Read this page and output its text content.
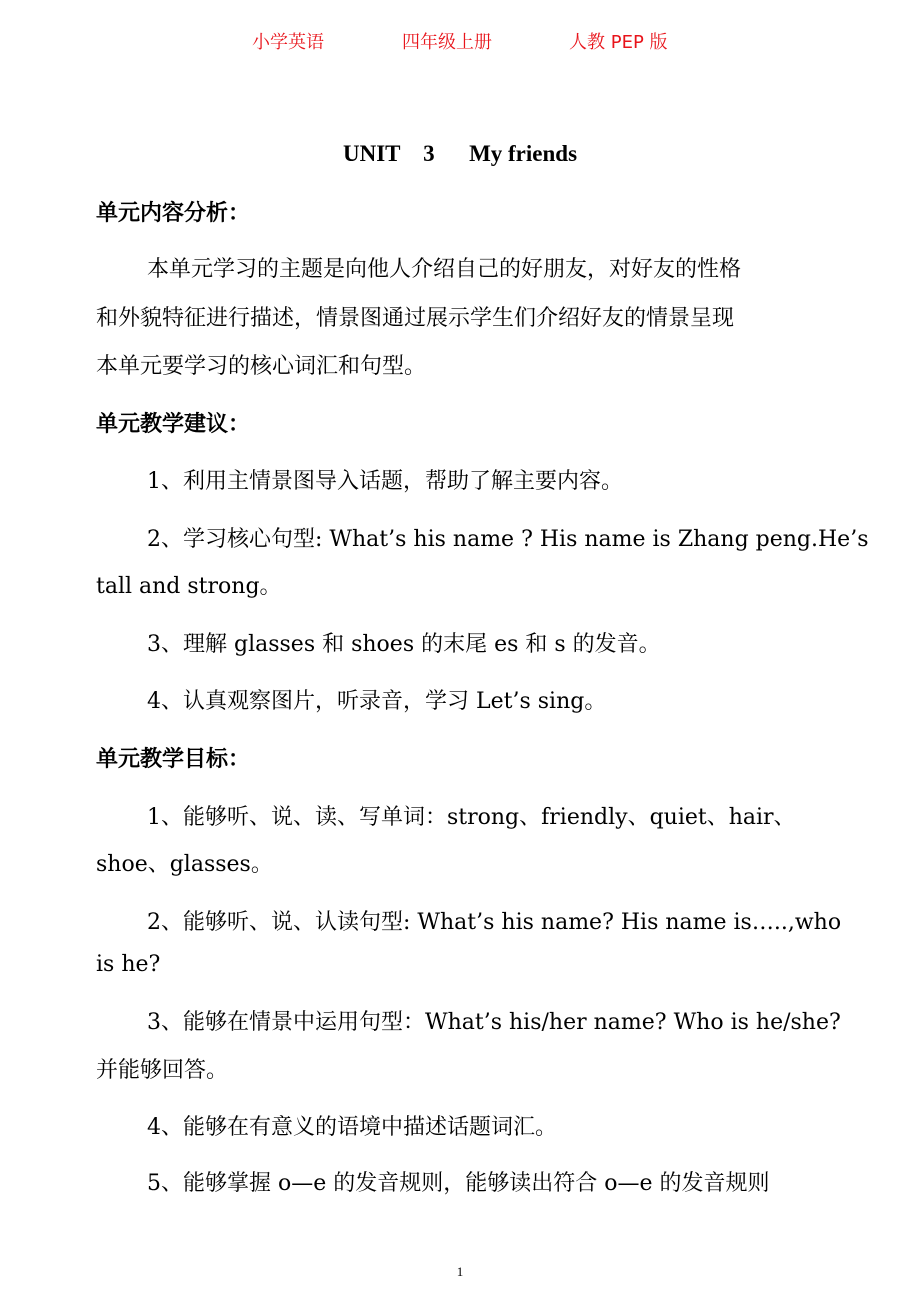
小学英语	四年级上册	人教 PEP 版
UNIT    3      My friends
单元内容分析：
本单元学习的主题是向他人介绍自己的好朋友，对好友的性格
和外貌特征进行描述，情景图通过展示学生们介绍好友的情景呈现
本单元要学习的核心词汇和句型。
单元教学建议：
1、利用主情景图导入话题，帮助了解主要内容。
2、学习核心句型: What’s his name ? His name is Zhang peng.He’s
tall and strong。
3、理解 glasses 和 shoes 的末尾 es 和 s 的发音。
4、认真观察图片，听录音，学习 Let’s sing。
单元教学目标：
1、能够听、说、读、写单词：strong、friendly、quiet、hair、
shoe、glasses。
2、能够听、说、认读句型: What’s his name? His name is…..,who
is he?
3、能够在情景中运用句型：What’s his/her name? Who is he/she?
并能够回答。
4、能够在有意义的语境中描述话题词汇。
5、能够掌握 o—e 的发音规则，能够读出符合 o—e 的发音规则
1
